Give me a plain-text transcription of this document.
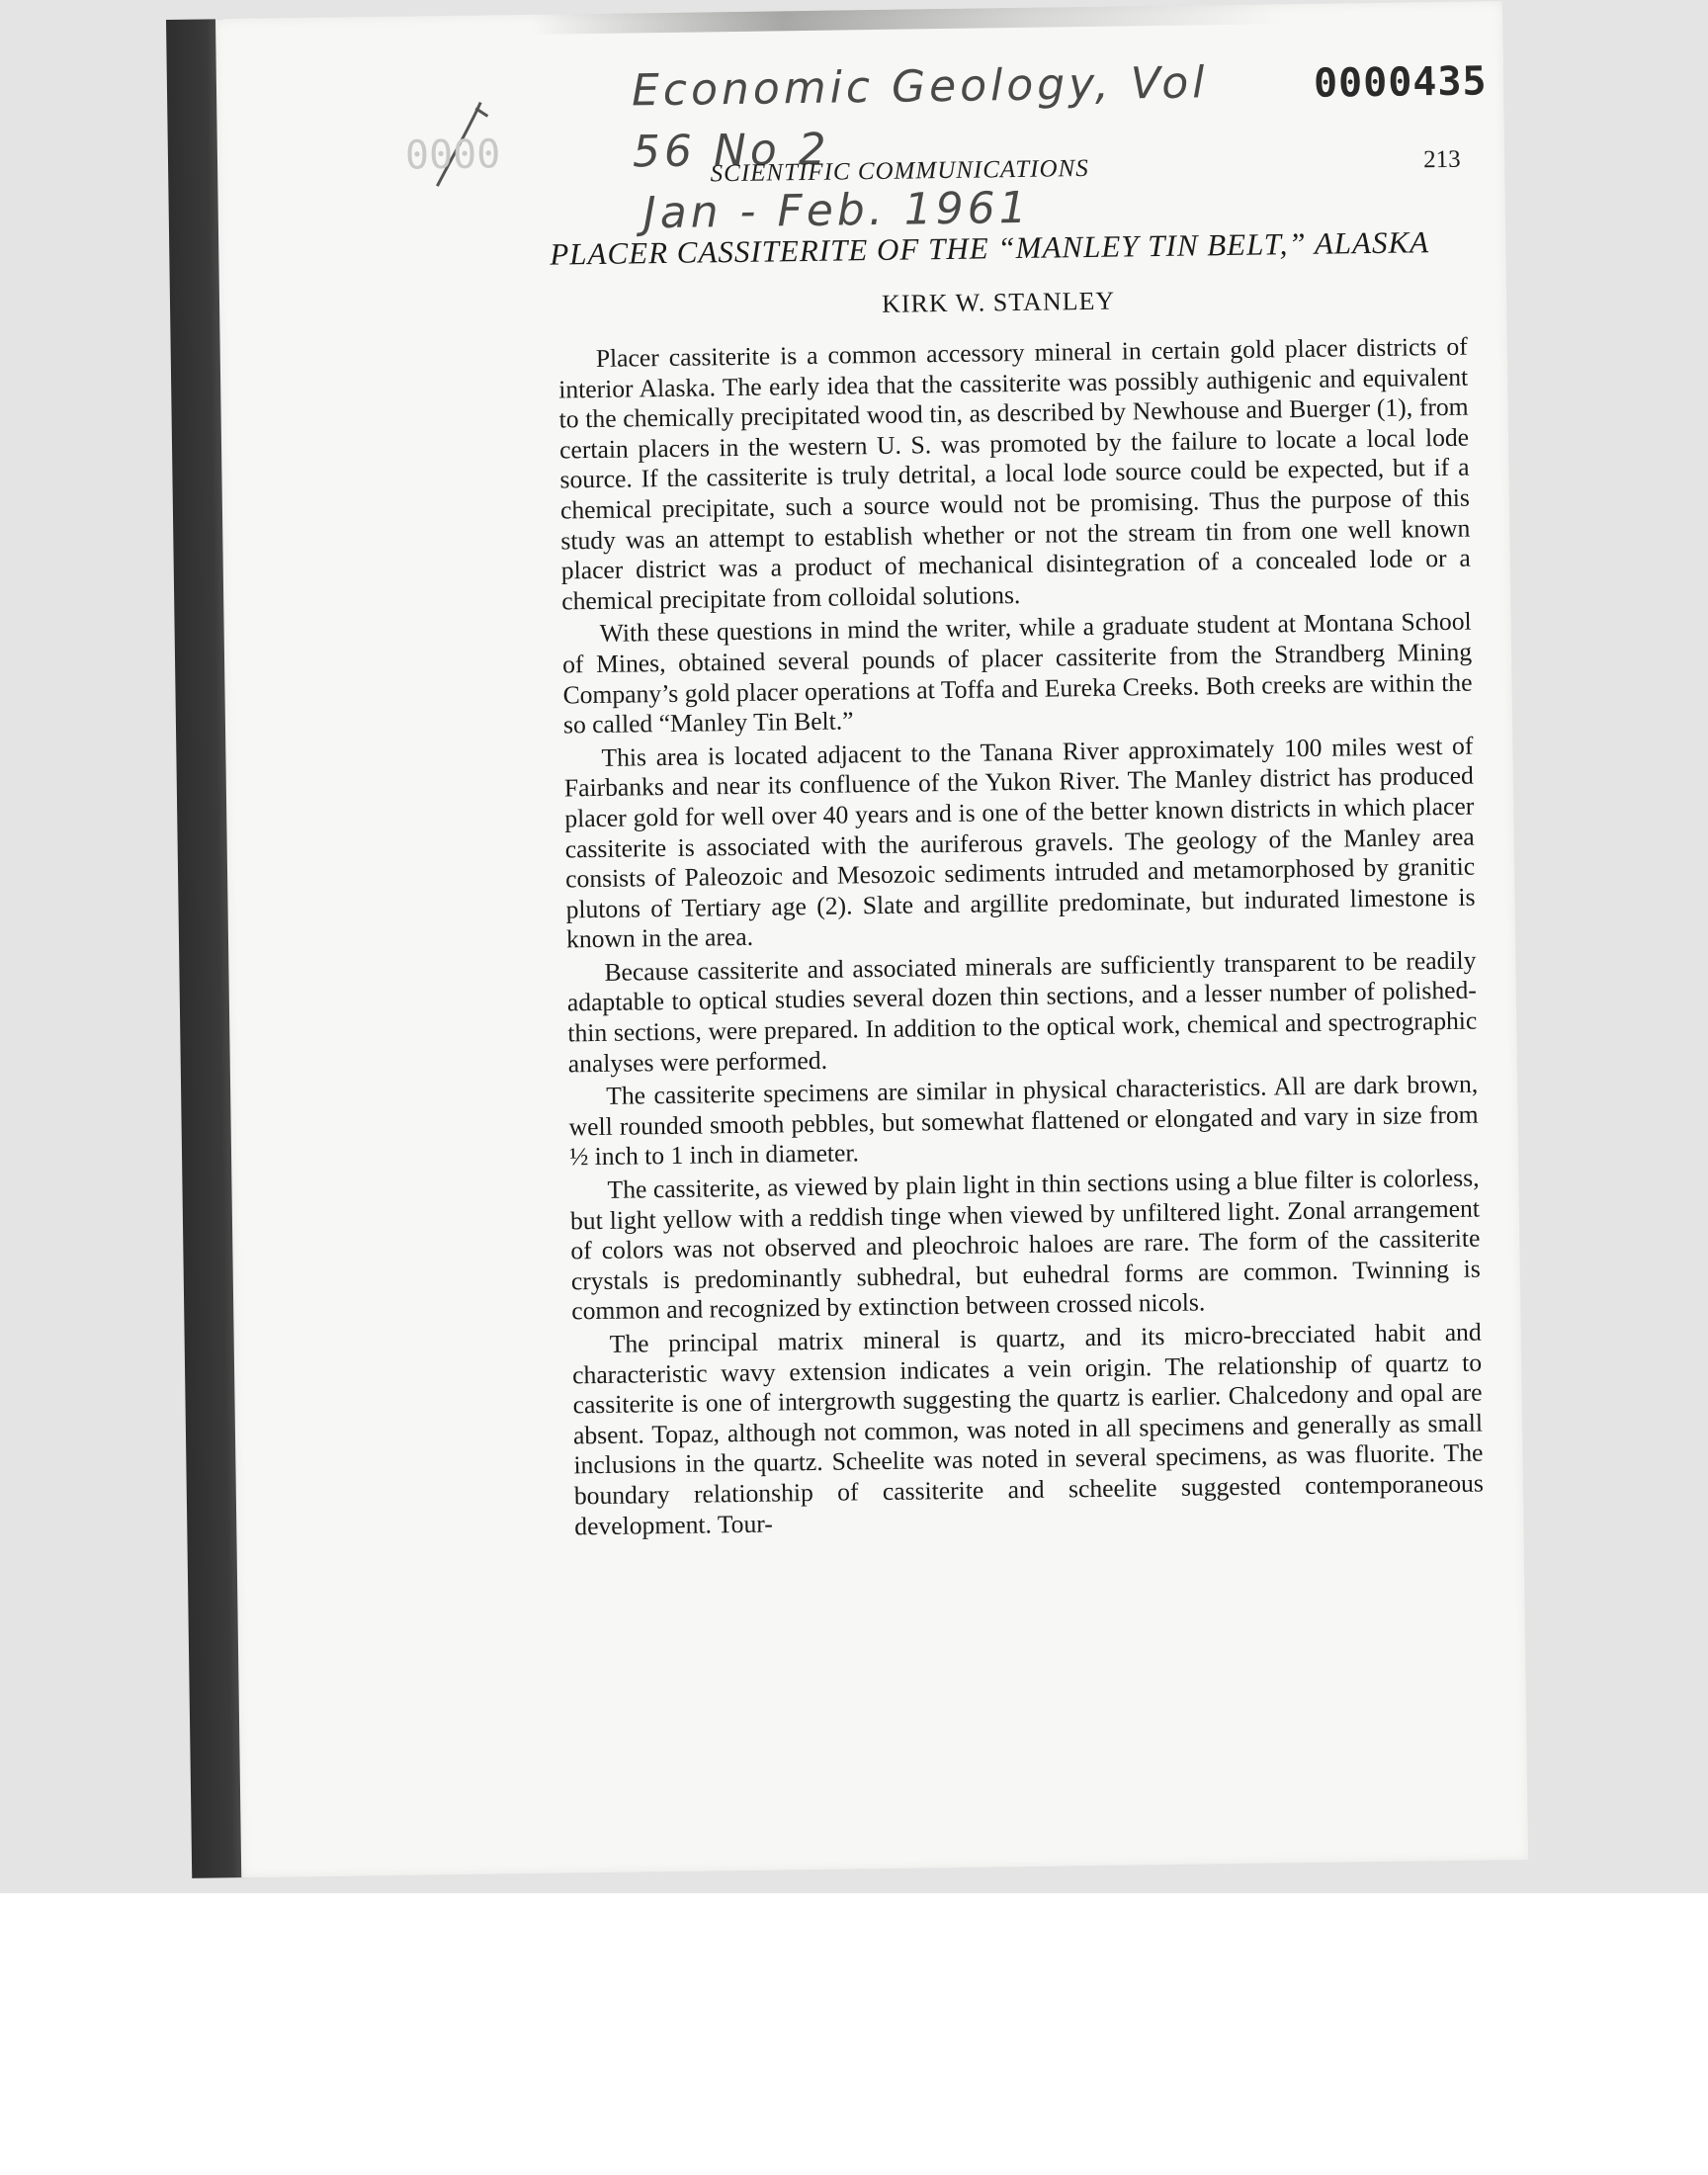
0000
Economic Geology, Vol 56 No 2
Jan - Feb. 1961
0000435
SCIENTIFIC COMMUNICATIONS	213
PLACER CASSITERITE OF THE “MANLEY TIN BELT,” ALASKA
KIRK W. STANLEY

Placer cassiterite is a common accessory mineral in certain gold placer districts of interior Alaska. The early idea that the cassiterite was possibly authigenic and equivalent to the chemically precipitated wood tin, as described by Newhouse and Buerger (1), from certain placers in the western U. S. was promoted by the failure to locate a local lode source. If the cassiterite is truly detrital, a local lode source could be expected, but if a chemical precipitate, such a source would not be promising. Thus the purpose of this study was an attempt to establish whether or not the stream tin from one well known placer district was a product of mechanical disintegration of a concealed lode or a chemical precipitate from colloidal solutions.

With these questions in mind the writer, while a graduate student at Montana School of Mines, obtained several pounds of placer cassiterite from the Strandberg Mining Company’s gold placer operations at Toffa and Eureka Creeks. Both creeks are within the so called “Manley Tin Belt.”

This area is located adjacent to the Tanana River approximately 100 miles west of Fairbanks and near its confluence of the Yukon River. The Manley district has produced placer gold for well over 40 years and is one of the better known districts in which placer cassiterite is associated with the auriferous gravels. The geology of the Manley area consists of Paleozoic and Mesozoic sediments intruded and metamorphosed by granitic plutons of Tertiary age (2). Slate and argillite predominate, but indurated limestone is known in the area.

Because cassiterite and associated minerals are sufficiently transparent to be readily adaptable to optical studies several dozen thin sections, and a lesser number of polished-thin sections, were prepared. In addition to the optical work, chemical and spectrographic analyses were performed.

The cassiterite specimens are similar in physical characteristics. All are dark brown, well rounded smooth pebbles, but somewhat flattened or elongated and vary in size from ½ inch to 1 inch in diameter.

The cassiterite, as viewed by plain light in thin sections using a blue filter is colorless, but light yellow with a reddish tinge when viewed by unfiltered light. Zonal arrangement of colors was not observed and pleochroic haloes are rare. The form of the cassiterite crystals is predominantly subhedral, but euhedral forms are common. Twinning is common and recognized by extinction between crossed nicols.

The principal matrix mineral is quartz, and its micro-brecciated habit and characteristic wavy extension indicates a vein origin. The relationship of quartz to cassiterite is one of intergrowth suggesting the quartz is earlier. Chalcedony and opal are absent. Topaz, although not common, was noted in all specimens and generally as small inclusions in the quartz. Scheelite was noted in several specimens, as was fluorite. The boundary relationship of cassiterite and scheelite suggested contemporaneous development. Tour-
